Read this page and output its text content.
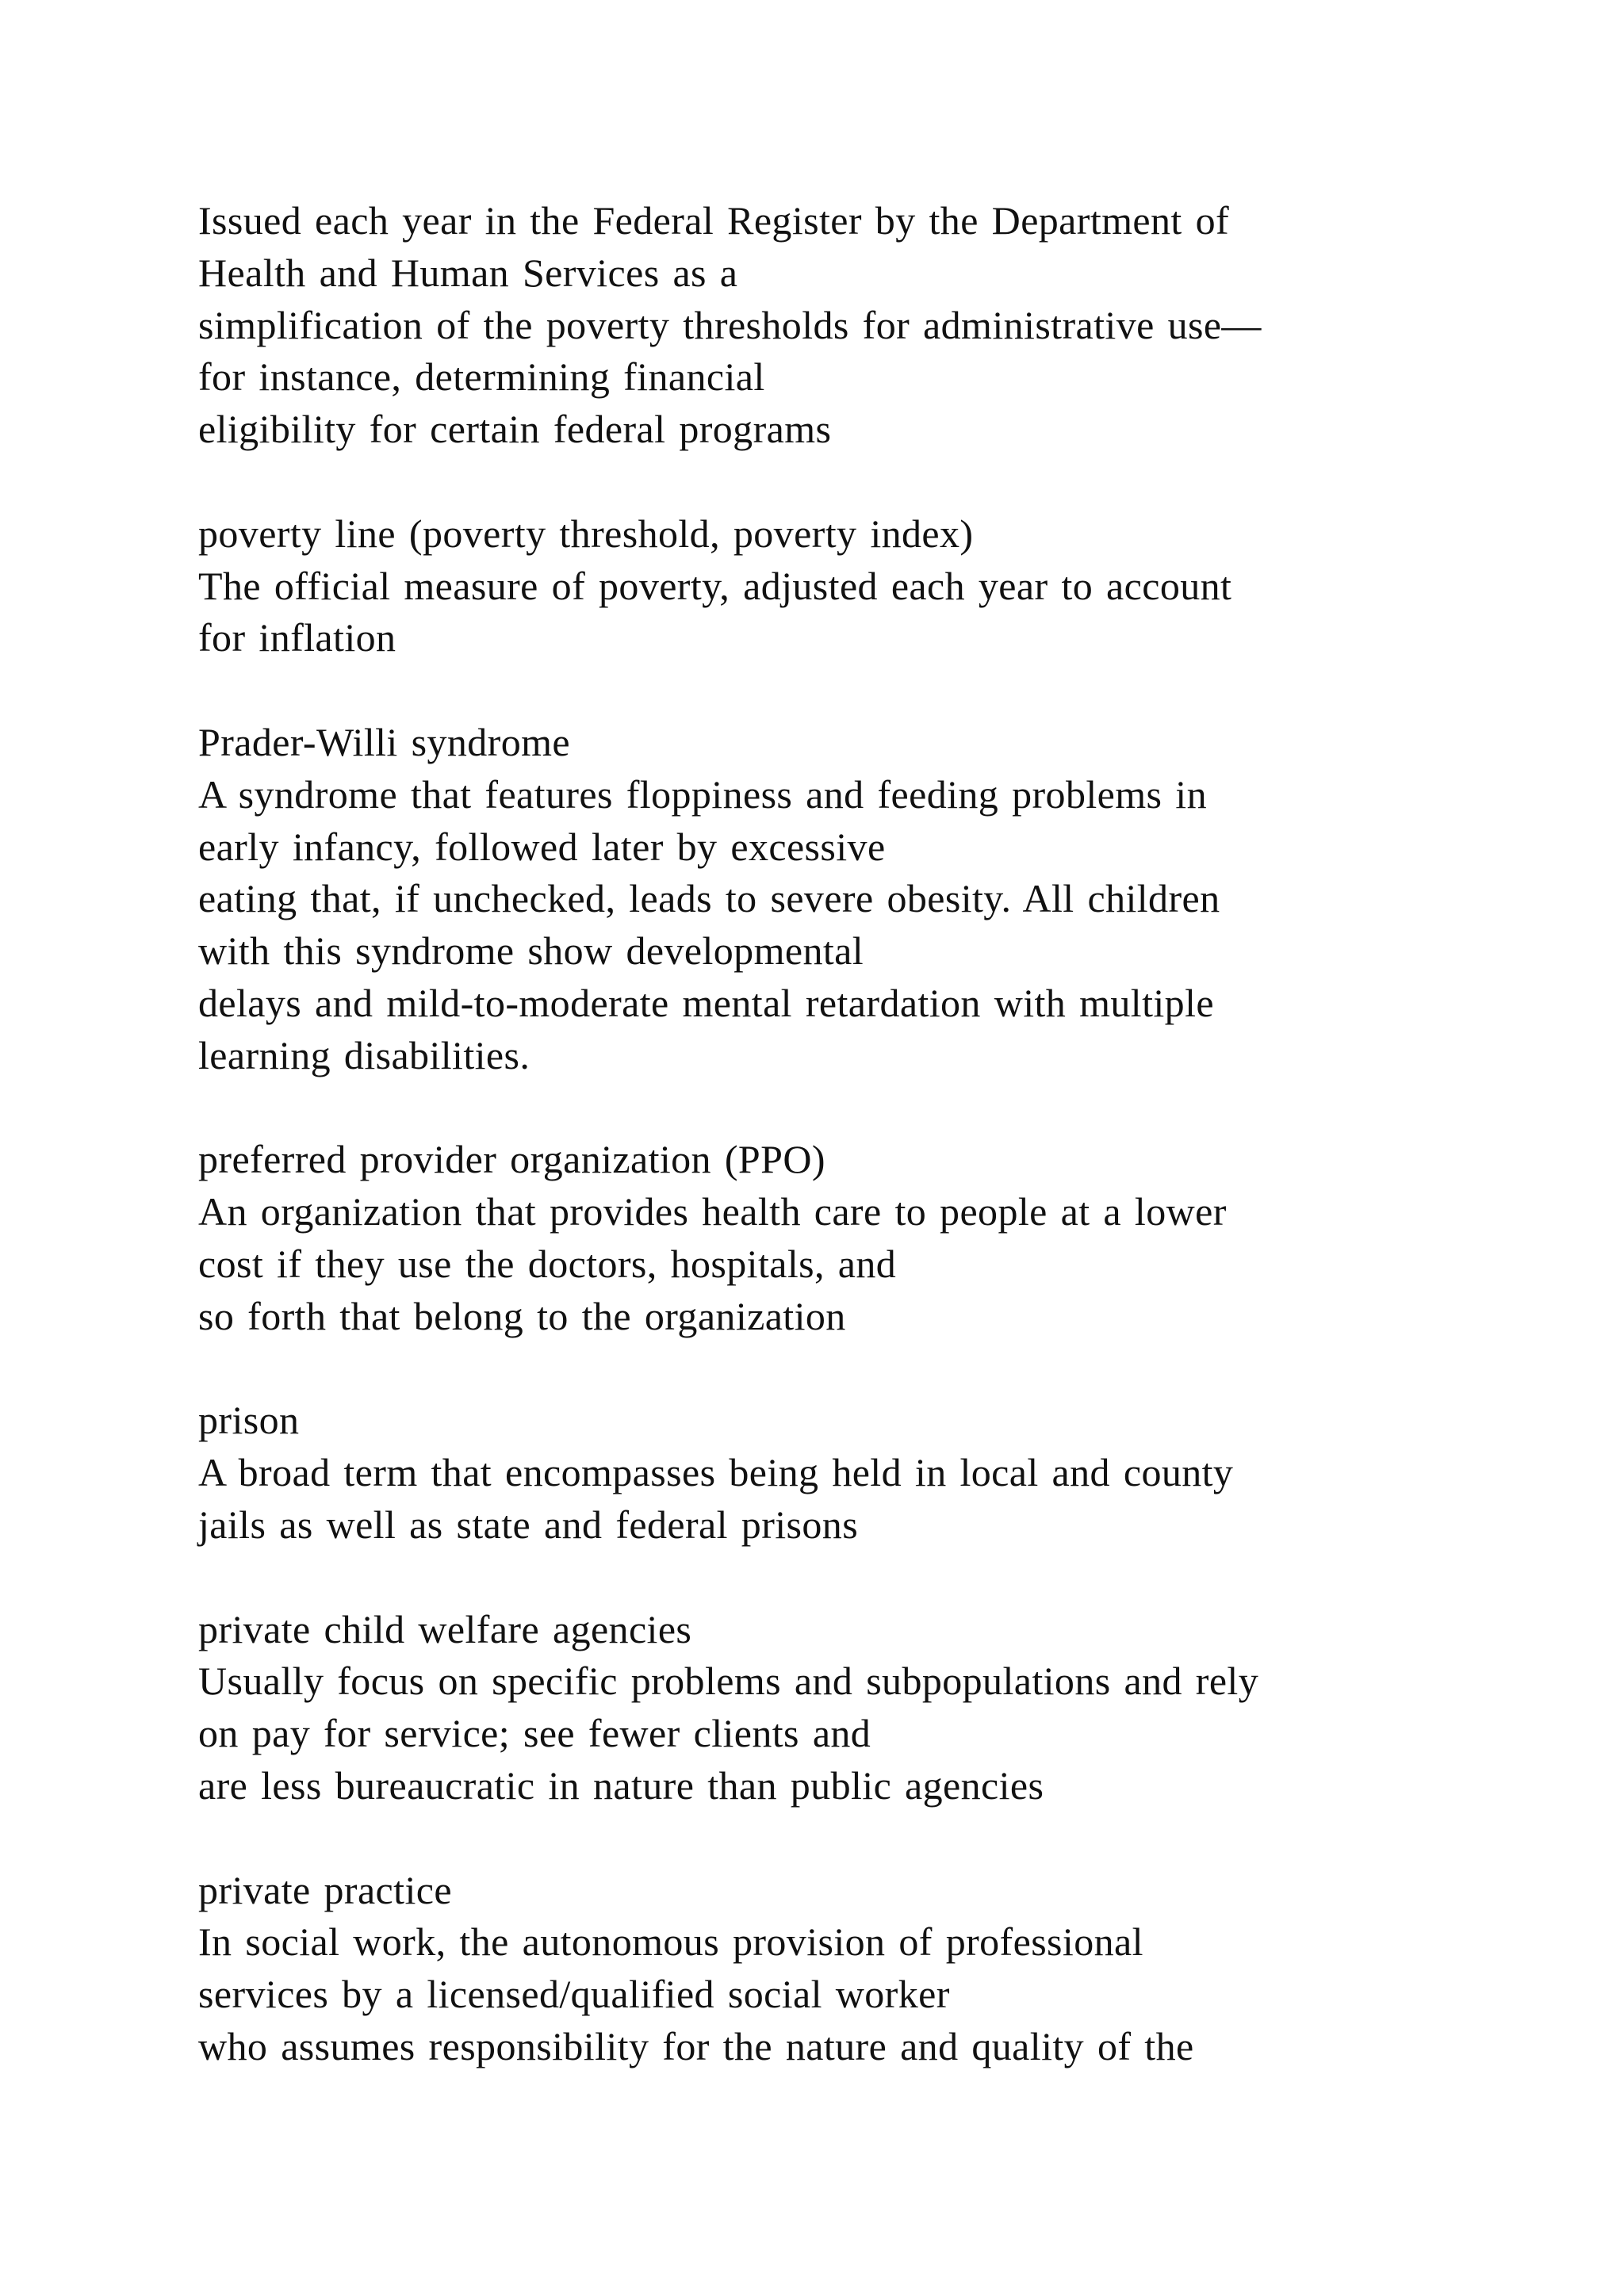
Issued each year in the Federal Register by the Department of
Health and Human Services as a
simplification of the poverty thresholds for administrative use—
for instance, determining financial
eligibility for certain federal programs
poverty line (poverty threshold, poverty index)
The official measure of poverty, adjusted each year to account
for inflation
Prader-Willi syndrome
A syndrome that features floppiness and feeding problems in
early infancy, followed later by excessive
eating that, if unchecked, leads to severe obesity. All children
with this syndrome show developmental
delays and mild-to-moderate mental retardation with multiple
learning disabilities.
preferred provider organization (PPO)
An organization that provides health care to people at a lower
cost if they use the doctors, hospitals, and
so forth that belong to the organization
prison
A broad term that encompasses being held in local and county
jails as well as state and federal prisons
private child welfare agencies
Usually focus on specific problems and subpopulations and rely
on pay for service; see fewer clients and
are less bureaucratic in nature than public agencies
private practice
In social work, the autonomous provision of professional
services by a licensed/qualified social worker
who assumes responsibility for the nature and quality of the
